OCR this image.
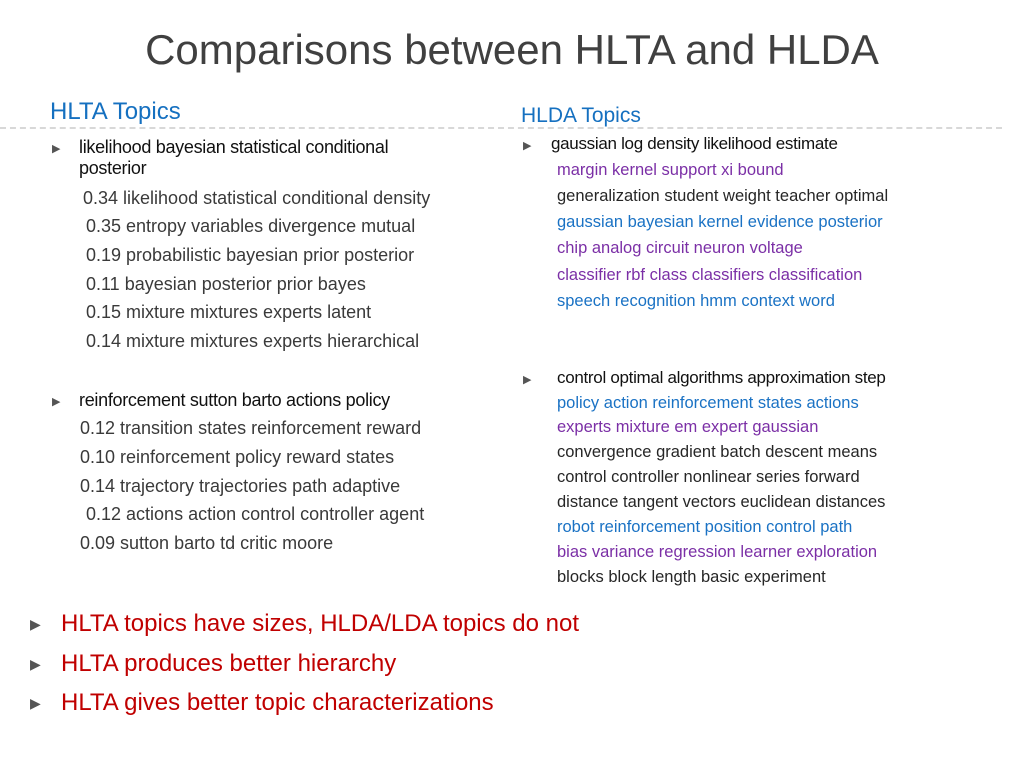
Comparisons between HLTA and HLDA
HLTA Topics	HLDA Topics
▶ likelihood bayesian statistical conditional
posterior
0.34 likelihood statistical conditional density
0.35 entropy variables divergence mutual
0.19 probabilistic bayesian prior posterior
0.11 bayesian posterior prior bayes
0.15 mixture mixtures experts latent
0.14 mixture mixtures experts hierarchical
▶ reinforcement sutton barto actions policy
0.12 transition states reinforcement reward
0.10 reinforcement policy reward states
0.14 trajectory trajectories path adaptive
0.12 actions action control controller agent
0.09 sutton barto td critic moore
▶ gaussian log density likelihood estimate
margin kernel support xi bound
generalization student weight teacher optimal
gaussian bayesian kernel evidence posterior
chip analog circuit neuron voltage
classifier rbf class classifiers classification
speech recognition hmm context word
▶ control optimal algorithms approximation step
policy action reinforcement states actions
experts mixture em expert gaussian
convergence gradient batch descent means
control controller nonlinear series forward
distance tangent vectors euclidean distances
robot reinforcement position control path
bias variance regression learner exploration
blocks block length basic experiment
▶ HLTA topics have sizes, HLDA/LDA topics do not
▶ HLTA produces better hierarchy
▶ HLTA gives better topic characterizations
